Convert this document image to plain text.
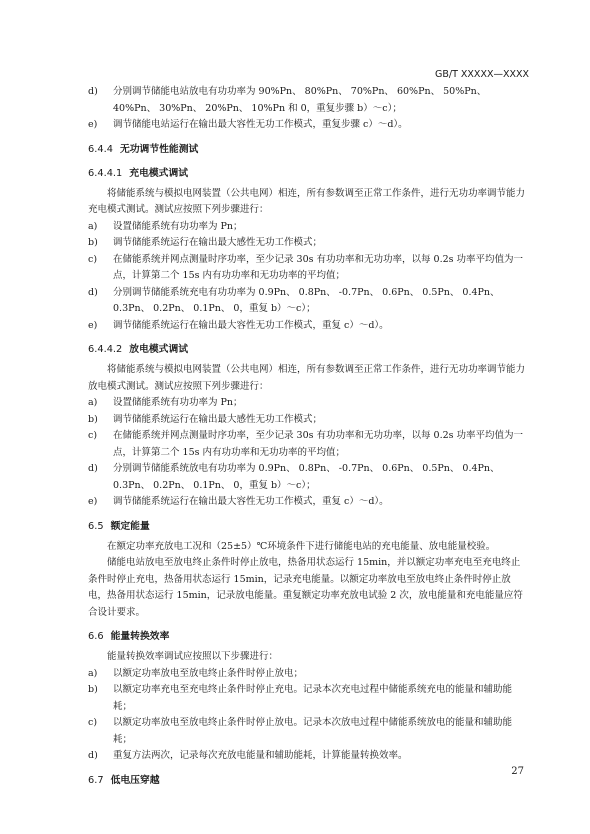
GB/T XXXXX—XXXX
d) 分别调节储能电站放电有功功率为 90%Pn、 80%Pn、 70%Pn、 60%Pn、 50%Pn、 40%Pn、 30%Pn、 20%Pn、 10%Pn 和 0，重复步骤 b）～c）；
e) 调节储能电站运行在输出最大容性无功工作模式，重复步骤 c）～d）。
6.4.4 无功调节性能测试
6.4.4.1 充电模式调试
将储能系统与模拟电网装置（公共电网）相连，所有参数调至正常工作条件，进行无功功率调节能力充电模式测试。测试应按照下列步骤进行：
a) 设置储能系统有功功率为 Pn；
b) 调节储能系统运行在输出最大感性无功工作模式；
c) 在储能系统并网点测量时序功率，至少记录 30s 有功功率和无功功率，以每 0.2s 功率平均值为一点，计算第二个 15s 内有功功率和无功功率的平均值；
d) 分别调节储能系统充电有功功率为 0.9Pn、 0.8Pn、 -0.7Pn、 0.6Pn、 0.5Pn、 0.4Pn、 0.3Pn、 0.2Pn、 0.1Pn、 0，重复 b）～c）；
e) 调节储能系统运行在输出最大容性无功工作模式，重复 c）～d）。
6.4.4.2 放电模式调试
将储能系统与模拟电网装置（公共电网）相连，所有参数调至正常工作条件，进行无功功率调节能力放电模式测试。测试应按照下列步骤进行：
a) 设置储能系统有功功率为 Pn；
b) 调节储能系统运行在输出最大感性无功工作模式；
c) 在储能系统并网点测量时序功率，至少记录 30s 有功功率和无功功率，以每 0.2s 功率平均值为一点，计算第二个 15s 内有功功率和无功功率的平均值；
d) 分别调节储能系统放电有功功率为 0.9Pn、 0.8Pn、 -0.7Pn、 0.6Pn、 0.5Pn、 0.4Pn、 0.3Pn、 0.2Pn、 0.1Pn、 0，重复 b）～c）；
e) 调节储能系统运行在输出最大容性无功工作模式，重复 c）～d）。
6.5 额定能量
在额定功率充放电工况和（25±5）℃环境条件下进行储能电站的充电能量、放电能量校验。
储能电站放电至放电终止条件时停止放电，热备用状态运行 15min，并以额定功率充电至充电终止条件时停止充电，热备用状态运行 15min，记录充电能量。以额定功率放电至放电终止条件时停止放电，热备用状态运行 15min，记录放电能量。重复额定功率充放电试验 2 次，放电能量和充电能量应符合设计要求。
6.6 能量转换效率
能量转换效率调试应按照以下步骤进行：
a) 以额定功率放电至放电终止条件时停止放电；
b) 以额定功率充电至充电终止条件时停止充电。记录本次充电过程中储能系统充电的能量和辅助能耗；
c) 以额定功率放电至放电终止条件时停止放电。记录本次放电过程中储能系统放电的能量和辅助能耗；
d) 重复方法两次，记录每次充放电能量和辅助能耗，计算能量转换效率。
6.7 低电压穿越
27
